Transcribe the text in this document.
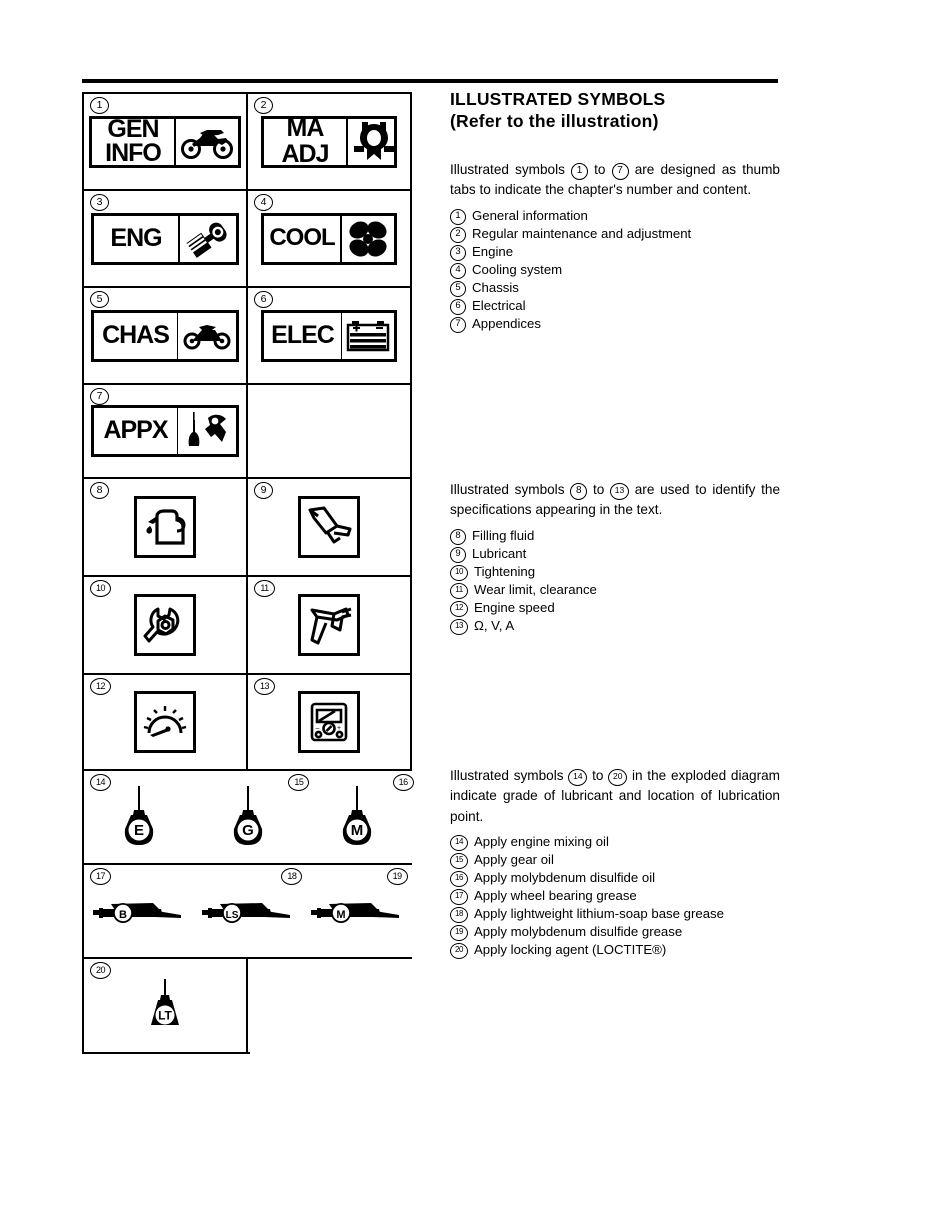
1
GEN
INFO
2
MA
ADJ
3
ENG
4
COOL
5
CHAS
6
ELEC
7
APPX
8	9
10	11
12	13
–	+
14
E
15
G
16
M
17
B
18
LS
19
M
20
LT
ILLUSTRATED SYMBOLS
(Refer to the illustration)

Illustrated symbols 1 to 7 are designed as thumb tabs to indicate the chapter's number and content.

1 General information
2 Regular maintenance and adjustment
3 Engine
4 Cooling system
5 Chassis
6 Electrical
7 Appendices

Illustrated symbols 8 to 13 are used to identify the specifications appearing in the text.

8 Filling fluid
9 Lubricant
10 Tightening
11 Wear limit, clearance
12 Engine speed
13 Ω, V, A

Illustrated symbols 14 to 20 in the exploded diagram indicate grade of lubricant and location of lubrication point.

14 Apply engine mixing oil
15 Apply gear oil
16 Apply molybdenum disulfide oil
17 Apply wheel bearing grease
18 Apply lightweight lithium-soap base grease
19 Apply molybdenum disulfide grease
20 Apply locking agent (LOCTITE®)
